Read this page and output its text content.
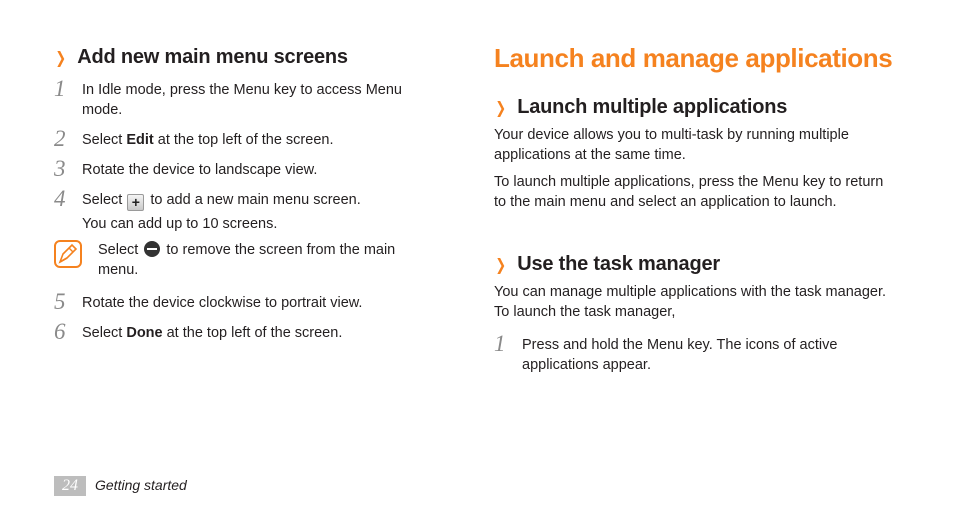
❯ Add new main menu screens
1 In Idle mode, press the Menu key to access Menu mode.
2 Select Edit at the top left of the screen.
3 Rotate the device to landscape view.
4 Select + to add a new main menu screen.
You can add up to 10 screens.
Select  to remove the screen from the main menu.
5 Rotate the device clockwise to portrait view.
6 Select Done at the top left of the screen.
Launch and manage applications
❯ Launch multiple applications
Your device allows you to multi-task by running multiple applications at the same time.
To launch multiple applications, press the Menu key to return to the main menu and select an application to launch.
❯ Use the task manager
You can manage multiple applications with the task manager. To launch the task manager,
1 Press and hold the Menu key. The icons of active applications appear.
24	Getting started
